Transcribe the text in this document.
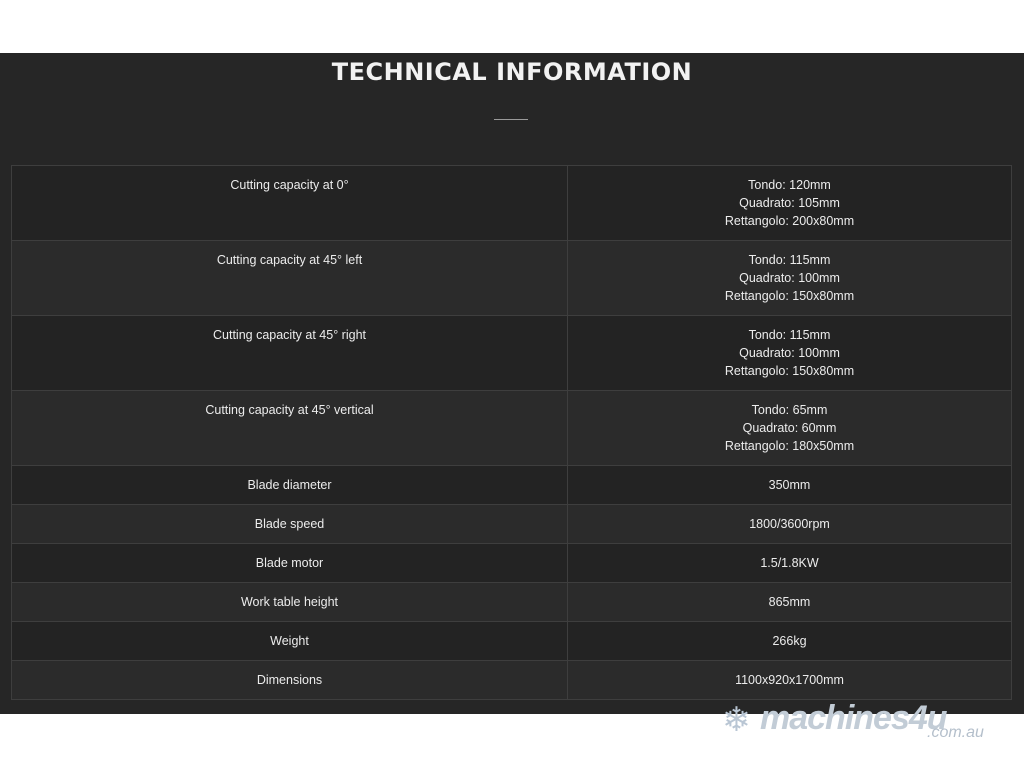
TECHNICAL INFORMATION
Cutting capacity at 0°	Tondo: 120mm
Quadrato: 105mm
Rettangolo: 200x80mm

Cutting capacity at 45° left	Tondo: 115mm
Quadrato: 100mm
Rettangolo: 150x80mm

Cutting capacity at 45° right	Tondo: 115mm
Quadrato: 100mm
Rettangolo: 150x80mm

Cutting capacity at 45° vertical	Tondo: 65mm
Quadrato: 60mm
Rettangolo: 180x50mm

Blade diameter	350mm

Blade speed	1800/3600rpm

Blade motor	1.5/1.8KW

Work table height	865mm

Weight	266kg

Dimensions	1100x920x1700mm
❄ machines4u
.com.au
